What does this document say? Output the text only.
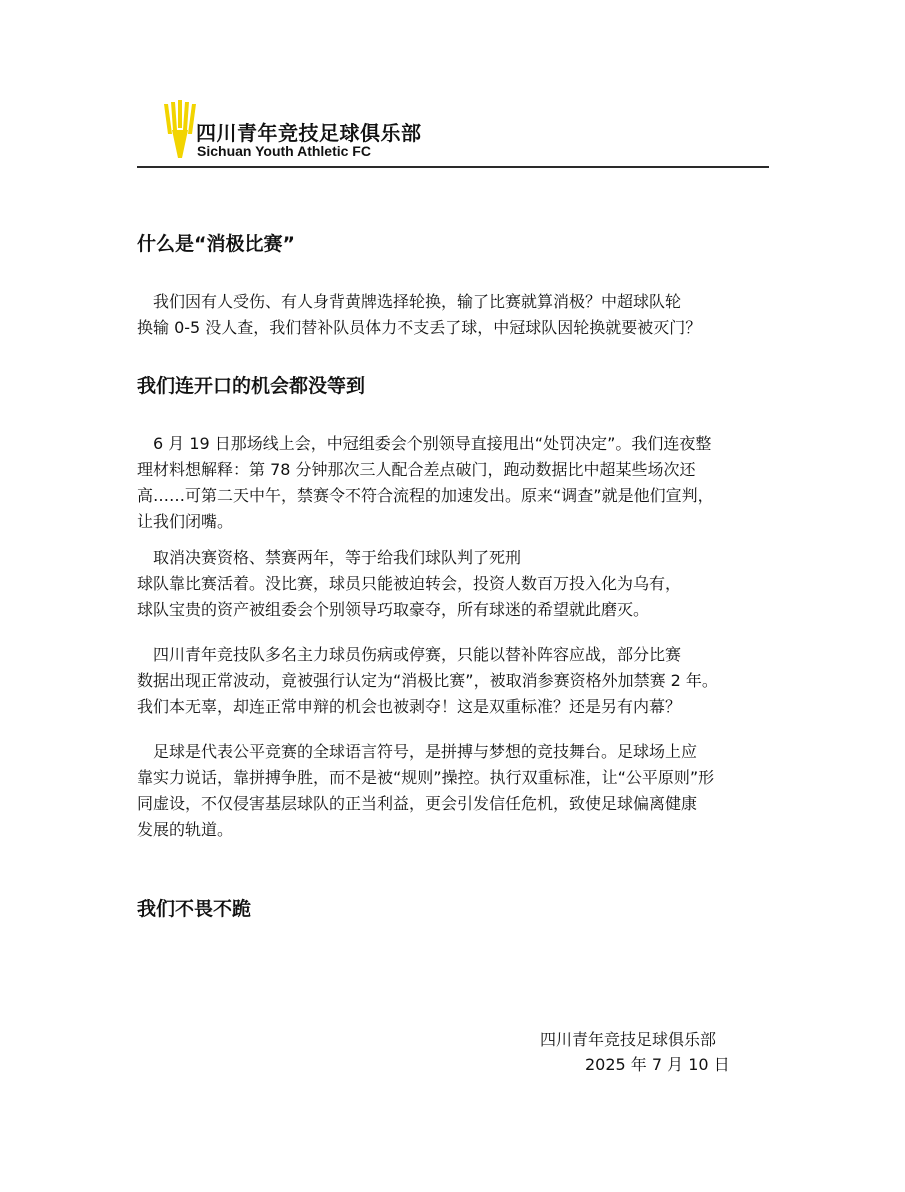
四川青年竞技足球俱乐部
Sichuan Youth Athletic FC
什么是“消极比赛”

　我们因有人受伤、有人身背黄牌选择轮换，输了比赛就算消极？中超球队轮
换输 0-5 没人查，我们替补队员体力不支丢了球，中冠球队因轮换就要被灭门？

我们连开口的机会都没等到

　6 月 19 日那场线上会，中冠组委会个别领导直接甩出“处罚决定”。我们连夜整
理材料想解释：第 78 分钟那次三人配合差点破门，跑动数据比中超某些场次还
高……可第二天中午，禁赛令不符合流程的加速发出。原来“调查”就是他们宣判，
让我们闭嘴。

　取消决赛资格、禁赛两年，等于给我们球队判了死刑
球队靠比赛活着。没比赛，球员只能被迫转会，投资人数百万投入化为乌有，
球队宝贵的资产被组委会个别领导巧取豪夺，所有球迷的希望就此磨灭。

　四川青年竞技队多名主力球员伤病或停赛，只能以替补阵容应战，部分比赛
数据出现正常波动，竟被强行认定为“消极比赛”，被取消参赛资格外加禁赛 2 年。
我们本无辜，却连正常申辩的机会也被剥夺！这是双重标准？还是另有内幕？

　足球是代表公平竞赛的全球语言符号，是拼搏与梦想的竞技舞台。足球场上应
靠实力说话，靠拼搏争胜，而不是被“规则”操控。执行双重标准，让“公平原则”形
同虚设，不仅侵害基层球队的正当利益，更会引发信任危机，致使足球偏离健康
发展的轨道。

我们不畏不跪
四川青年竞技足球俱乐部
2025 年 7 月 10 日
